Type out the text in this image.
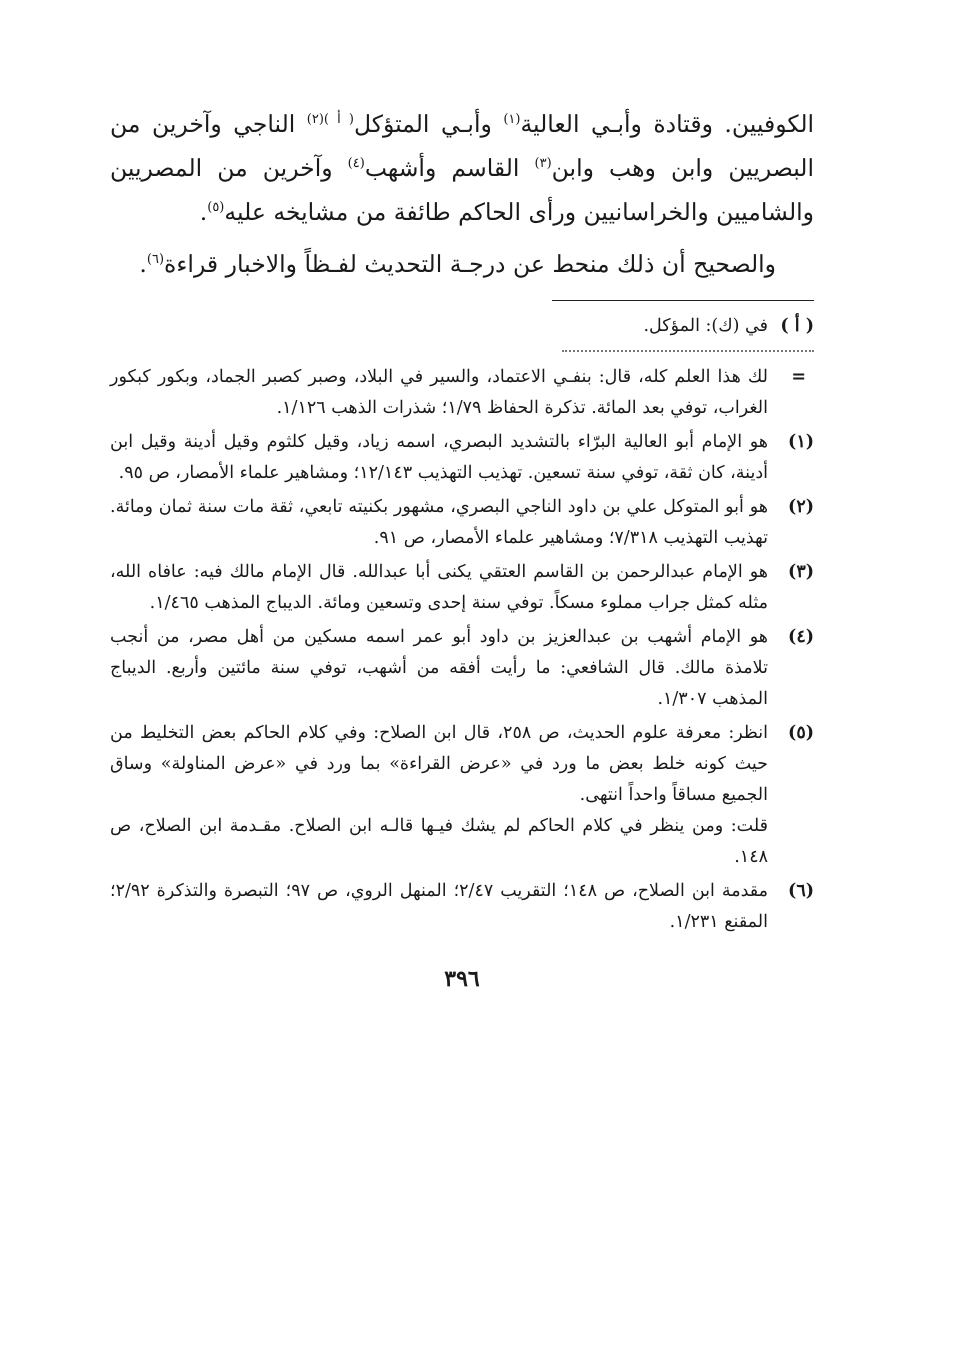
الكوفيين. وقتادة وأبـي العالية$^{(١)}$ وأبـي المتؤكل$^{( أ )(٢)}$ الناجي وآخرين من البصريين وابن وهب وابن$^{(٣)}$ القاسم وأشهب$^{(٤)}$ وآخرين من المصريين والشاميين والخراسانيين ورأى الحاكم طائفة من مشايخه عليه$^{(٥)}$.

والصحيح أن ذلك منحط عن درجـة التحديث لفـظاً والاخبار قراءة$^{(٦)}$.

( أ )
في (ك): المؤكل.
=
لك هذا العلم كله، قال: بنفـي الاعتماد، والسير في البلاد، وصبر كصبر الجماد، وبكور كبكور الغراب، توفي بعد المائة. تذكرة الحفاظ ١/٧٩؛ شذرات الذهب ١/١٢٦.
(١)

هو الإمام أبو العالية البرّاء بالتشديد البصري، اسمه زياد، وقيل كلثوم وقيل أدينة وقيل ابن أدينة، كان ثقة، توفي سنة تسعين. تهذيب التهذيب ١٢/١٤٣؛ ومشاهير علماء الأمصار، ص ٩٥.

(٢)

هو أبو المتوكل علي بن داود الناجي البصري، مشهور بكنيته تابعي، ثقة مات سنة ثمان ومائة. تهذيب التهذيب ٧/٣١٨؛ ومشاهير علماء الأمصار، ص ٩١.

(٣)

هو الإمام عبدالرحمن بن القاسم العتقي يكنى أبا عبدالله. قال الإمام مالك فيه: عافاه الله، مثله كمثل جراب مملوء مسكاً. توفي سنة إحدى وتسعين ومائة. الديباج المذهب ١/٤٦٥.

(٤)

هو الإمام أشهب بن عبدالعزيز بن داود أبو عمر اسمه مسكين من أهل مصر، من أنجب تلامذة مالك. قال الشافعي: ما رأيت أفقه من أشهب، توفي سنة مائتين وأربع. الديباج المذهب ١/٣٠٧.

(٥)

انظر: معرفة علوم الحديث، ص ٢٥٨، قال ابن الصلاح: وفي كلام الحاكم بعض التخليط من حيث كونه خلط بعض ما ورد في «عرض القراءة» بما ورد في «عرض المناولة» وساق الجميع مساقاً واحداً انتهى.

قلت: ومن ينظر في كلام الحاكم لم يشك فيـها قالـه ابن الصلاح. مقـدمة ابن الصلاح، ص ١٤٨.

(٦)

مقدمة ابن الصلاح، ص ١٤٨؛ التقريب ٢/٤٧؛ المنهل الروي، ص ٩٧؛ التبصرة والتذكرة ٢/٩٢؛ المقنع ١/٢٣١.

٣٩٦
